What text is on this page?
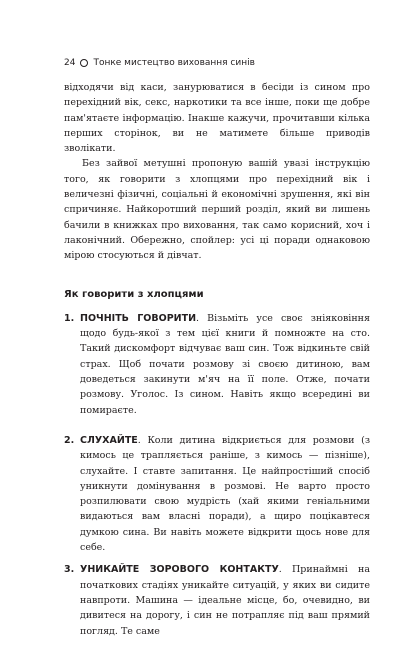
24 Тонке мистецтво виховання синів

відходячи від каси, занурюватися в бесіди із сином про перехідний вік, секс, наркотики та все інше, поки ще добре пам'ятаєте інформацію. Інакше кажучи, прочитавши кілька перших сторінок, ви не матимете більше приводів зволікати.

Без зайвої метушні пропоную вашій увазі інструкцію того, як говорити з хлопцями про перехідний вік і величезні фізичні, соціальні й економічні зрушення, які він спричиняє. Найкоротший перший розділ, який ви лишень бачили в книжках про виховання, так само корисний, хоч і лаконічний. Обережно, спойлер: усі ці поради однаковою мірою стосуються й дівчат.

Як говорити з хлопцями
1. ПОЧНІТЬ ГОВОРИТИ. Візьміть усе своє зніяковіння щодо будь-якої з тем цієї книги й помножте на сто. Такий дискомфорт відчуває ваш син. Тож відкиньте свій страх. Щоб почати розмову зі своєю дитиною, вам доведеться закинути м'яч на її поле. Отже, почати розмову. Уголос. Із сином. Навіть якщо всередині ви помираєте.
2. СЛУХАЙТЕ. Коли дитина відкриється для розмови (з кимось це трапляється раніше, з кимось — пізніше), слухайте. І ставте запитання. Це найпростіший спосіб уникнути домінування в розмові. Не варто просто розпилювати свою мудрість (хай якими геніальними видаються вам власні поради), а щиро поцікавтеся думкою сина. Ви навіть можете відкрити щось нове для себе.
3. УНИКАЙТЕ ЗОРОВОГО КОНТАКТУ. Принаймні на початкових стадіях уникайте ситуацій, у яких ви сидите навпроти. Машина — ідеальне місце, бо, очевидно, ви дивитеся на дорогу, і син не потрапляє під ваш прямий погляд. Те саме
